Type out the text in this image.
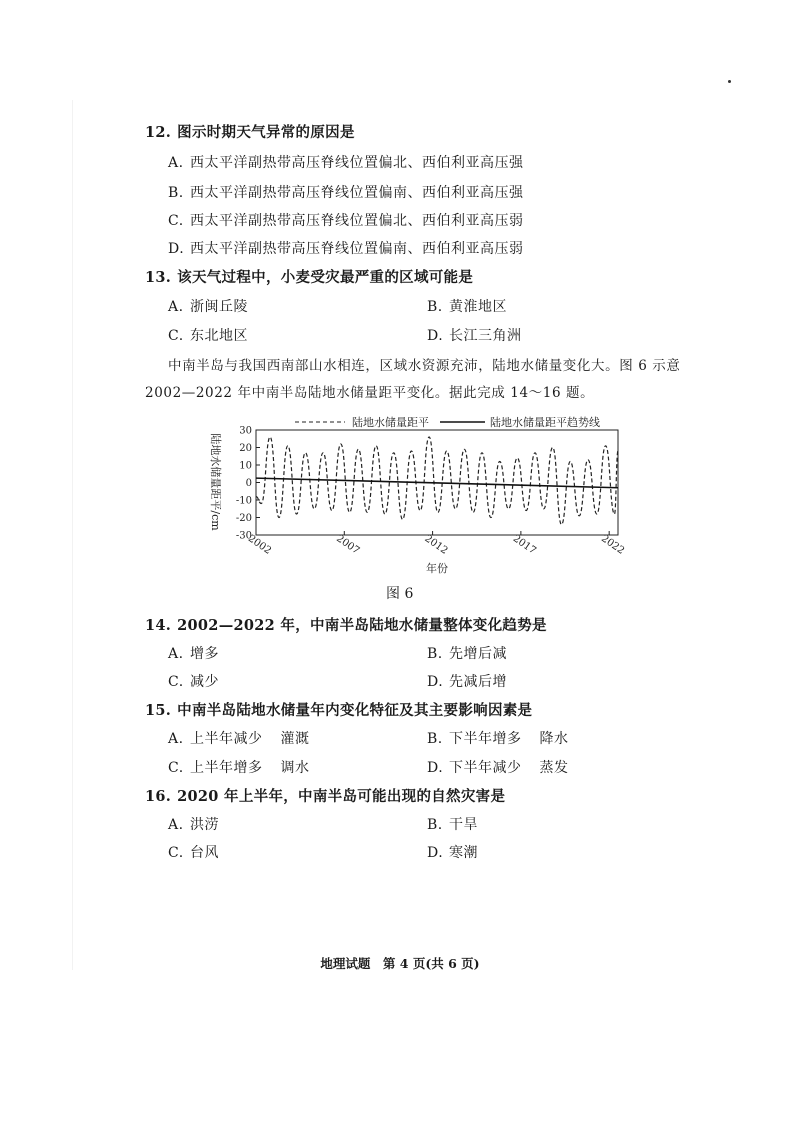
12. 图示时期天气异常的原因是
A. 西太平洋副热带高压脊线位置偏北、西伯利亚高压强
B. 西太平洋副热带高压脊线位置偏南、西伯利亚高压强
C. 西太平洋副热带高压脊线位置偏北、西伯利亚高压弱
D. 西太平洋副热带高压脊线位置偏南、西伯利亚高压弱
13. 该天气过程中，小麦受灾最严重的区域可能是
A. 浙闽丘陵	B. 黄淮地区
C. 东北地区	D. 长江三角洲
中南半岛与我国西南部山水相连，区域水资源充沛，陆地水储量变化大。图 6 示意
2002—2022 年中南半岛陆地水储量距平变化。据此完成 14～16 题。
陆地水储量距平	陆地水储量距平趋势线
-30
-20
-10
0
10
20
30
2002	2007	2012	2017	2022
陆地水储量距平/cm
年份
图 6
14. 2002—2022 年，中南半岛陆地水储量整体变化趋势是
A. 增多	B. 先增后减
C. 减少	D. 先减后增
15. 中南半岛陆地水储量年内变化特征及其主要影响因素是
A. 上半年减少 灌溉	B. 下半年增多 降水
C. 上半年增多 调水	D. 下半年减少 蒸发
16. 2020 年上半年，中南半岛可能出现的自然灾害是
A. 洪涝	B. 干旱
C. 台风	D. 寒潮
地理试题　第 4 页(共 6 页)
